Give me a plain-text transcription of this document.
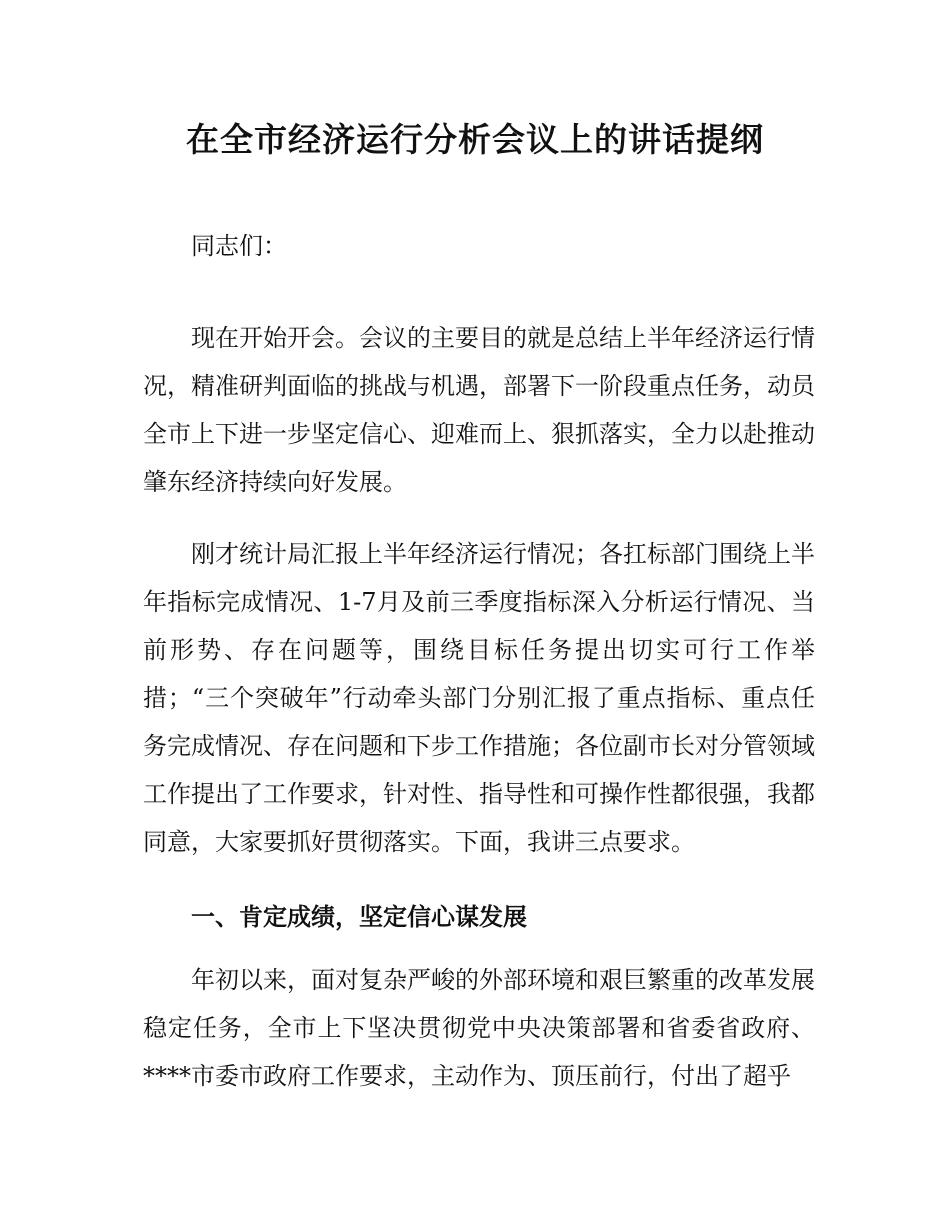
在全市经济运行分析会议上的讲话提纲

同志们：

现在开始开会。会议的主要目的就是总结上半年经济运行情况，精准研判面临的挑战与机遇，部署下一阶段重点任务，动员全市上下进一步坚定信心、迎难而上、狠抓落实，全力以赴推动肇东经济持续向好发展。

刚才统计局汇报上半年经济运行情况；各扛标部门围绕上半年指标完成情况、1-7月及前三季度指标深入分析运行情况、当前形势、存在问题等，围绕目标任务提出切实可行工作举措；“三个突破年”行动牵头部门分别汇报了重点指标、重点任务完成情况、存在问题和下步工作措施；各位副市长对分管领域工作提出了工作要求，针对性、指导性和可操作性都很强，我都同意，大家要抓好贯彻落实。下面，我讲三点要求。

一、肯定成绩，坚定信心谋发展

年初以来，面对复杂严峻的外部环境和艰巨繁重的改革发展稳定任务，全市上下坚决贯彻党中央决策部署和省委省政府、****市委市政府工作要求，主动作为、顶压前行，付出了超乎
